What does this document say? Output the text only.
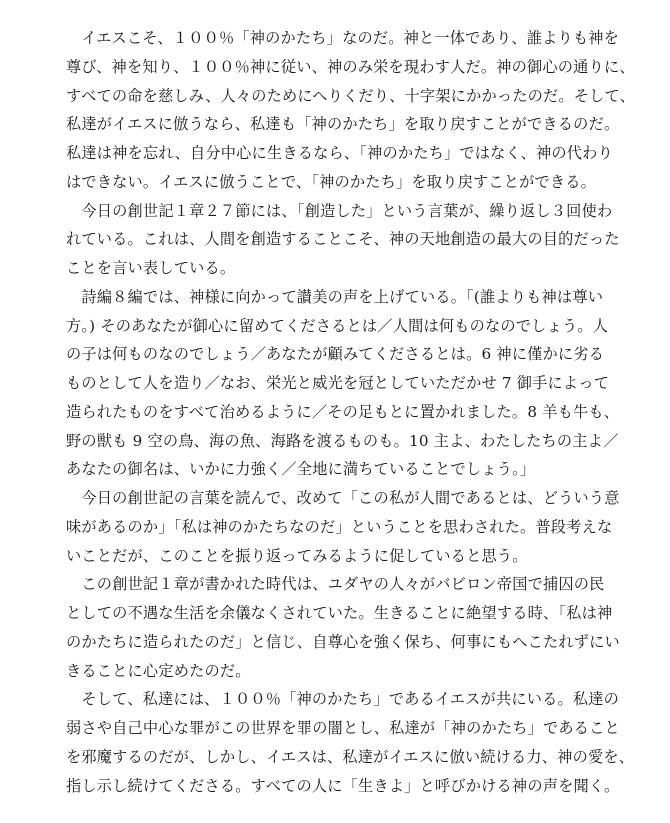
　イエスこそ、１００％「神のかたち」なのだ。神と一体であり、誰よりも神を
尊び、神を知り、１００％神に従い、神のみ栄を現わす人だ。神の御心の通りに、
すべての命を慈しみ、人々のためにへりくだり、十字架にかかったのだ。そして、
私達がイエスに倣うなら、私達も「神のかたち」を取り戻すことができるのだ。
私達は神を忘れ、自分中心に生きるなら、「神のかたち」ではなく、神の代わり
はできない。イエスに倣うことで、「神のかたち」を取り戻すことができる。
　今日の創世記１章２７節には、「創造した」という言葉が、繰り返し３回使わ
れている。これは、人間を創造することこそ、神の天地創造の最大の目的だった
ことを言い表している。
　詩編８編では、神様に向かって讃美の声を上げている。「(誰よりも神は尊い
方。) そのあなたが御心に留めてくださるとは／人間は何ものなのでしょう。人
の子は何ものなのでしょう／あなたが顧みてくださるとは。6 神に僅かに劣る
ものとして人を造り／なお、栄光と威光を冠としていただかせ 7 御手によって
造られたものをすべて治めるように／その足もとに置かれました。8 羊も牛も、
野の獣も 9 空の鳥、海の魚、海路を渡るものも。10 主よ、わたしたちの主よ／
あなたの御名は、いかに力強く／全地に満ちていることでしょう。」
　今日の創世記の言葉を読んで、改めて「この私が人間であるとは、どういう意
味があるのか」「私は神のかたちなのだ」ということを思わされた。普段考えな
いことだが、このことを振り返ってみるように促していると思う。
　この創世記１章が書かれた時代は、ユダヤの人々がバビロン帝国で捕囚の民
としての不遇な生活を余儀なくされていた。生きることに絶望する時、「私は神
のかたちに造られたのだ」と信じ、自尊心を強く保ち、何事にもへこたれずにい
きることに心定めたのだ。
　そして、私達には、１００％「神のかたち」であるイエスが共にいる。私達の
弱さや自己中心な罪がこの世界を罪の闇とし、私達が「神のかたち」であること
を邪魔するのだが、しかし、イエスは、私達がイエスに倣い続ける力、神の愛を、
指し示し続けてくださる。すべての人に「生きよ」と呼びかける神の声を聞く。
